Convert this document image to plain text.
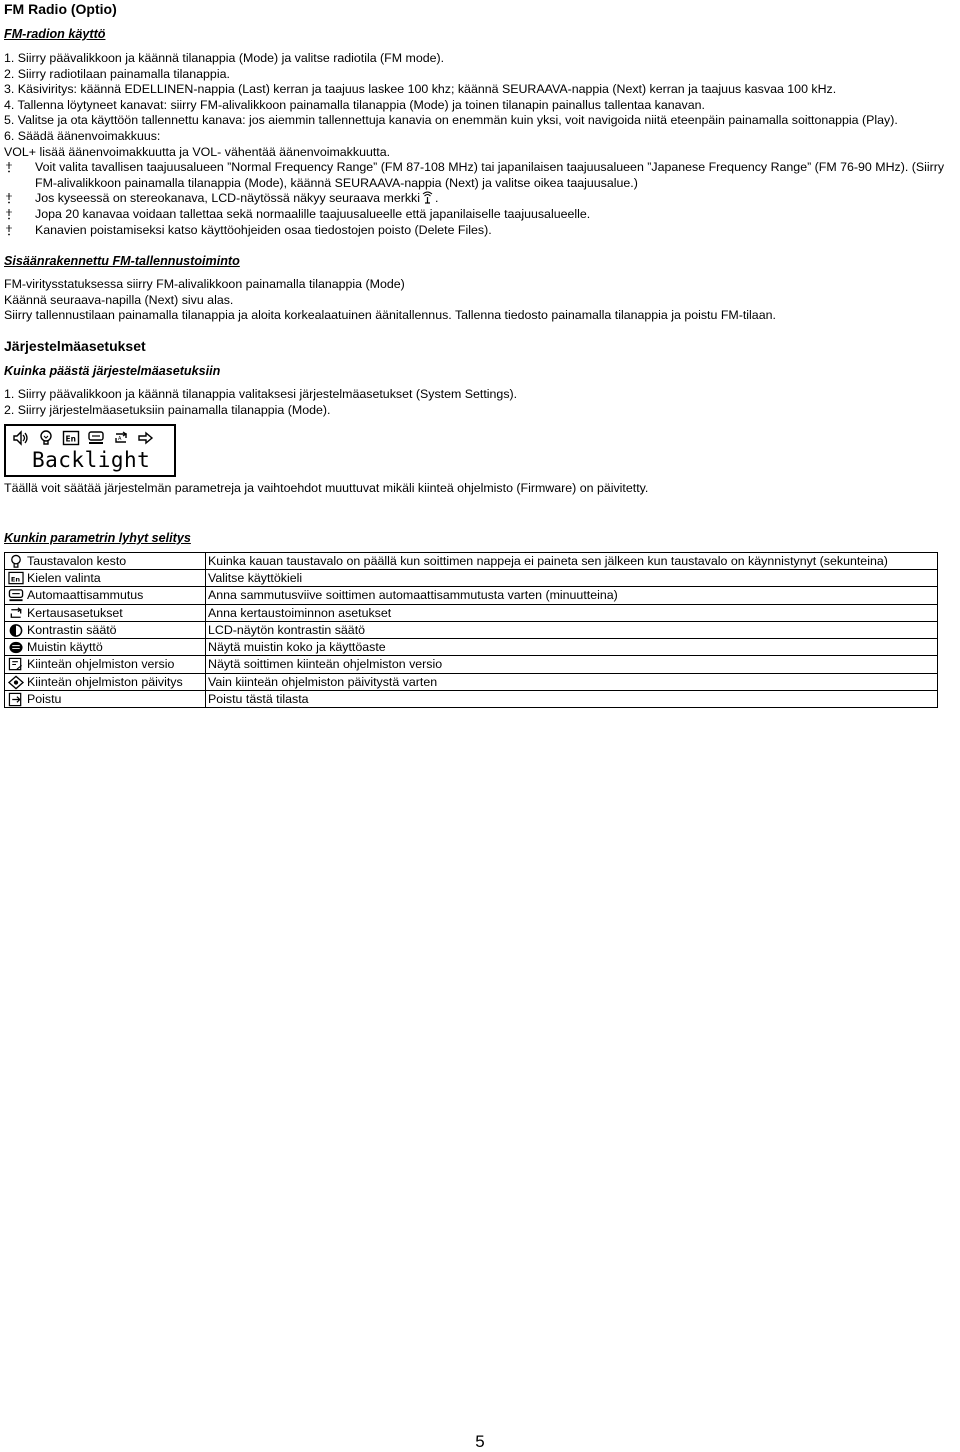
FM Radio (Optio)

FM-radion käyttö

1. Siirry päävalikkoon ja käännä tilanappia (Mode) ja valitse radiotila (FM mode).

2. Siirry radiotilaan painamalla tilanappia.

3. Käsiviritys: käännä EDELLINEN-nappia (Last) kerran ja taajuus laskee 100 khz; käännä SEURAAVA-nappia (Next) kerran ja taajuus kasvaa 100 kHz.

4. Tallenna löytyneet kanavat: siirry FM-alivalikkoon painamalla tilanappia (Mode) ja toinen tilanapin painallus tallentaa kanavan.

5. Valitse ja ota käyttöön tallennettu kanava: jos aiemmin tallennettuja kanavia on enemmän kuin yksi, voit navigoida niitä eteenpäin painamalla soittonappia (Play).

6. Säädä äänenvoimakkuus:

VOL+ lisää äänenvoimakkuutta ja VOL- vähentää äänenvoimakkuutta.

Voit valita tavallisen taajuusalueen ”Normal Frequency Range” (FM 87-108 MHz) tai japanilaisen taajuusalueen ”Japanese Frequency Range” (FM 76-90 MHz). (Siirry FM-alivalikkoon painamalla tilanappia (Mode), käännä SEURAAVA-nappia (Next) ja valitse oikea taajuusalue.)
Jos kyseessä on stereokanava, LCD-näytössä näkyy seuraava merkki .
Jopa 20 kanavaa voidaan tallettaa sekä normaalille taajuusalueelle että japanilaiselle taajuusalueelle.
Kanavien poistamiseksi katso käyttöohjeiden osaa tiedostojen poisto (Delete Files).
Sisäänrakennettu FM-tallennustoiminto

FM-viritysstatuksessa siirry FM-alivalikkoon painamalla tilanappia (Mode)

Käännä seuraava-napilla (Next) sivu alas.

Siirry tallennustilaan painamalla tilanappia ja aloita korkealaatuinen äänitallennus. Tallenna tiedosto painamalla tilanappia ja poistu FM-tilaan.

Järjestelmäasetukset

Kuinka päästä järjestelmäasetuksiin

1. Siirry päävalikkoon ja käännä tilanappia valitaksesi järjestelmäasetukset (System Settings).

2. Siirry järjestelmäasetuksiin painamalla tilanappia (Mode).

En	A
Backlight

Täällä voit säätää järjestelmän parametreja ja vaihtoehdot muuttuvat mikäli kiinteä ohjelmisto (Firmware) on päivitetty.

Kunkin parametrin lyhyt selitys
Taustavalon kesto	Kuinka kauan taustavalo on päällä kun soittimen nappeja ei paineta sen jälkeen kun taustavalo on käynnistynyt (sekunteina)

En Kielen valinta	Valitse käyttökieli

Automaattisammutus	Anna sammutusviive soittimen automaattisammutusta varten (minuutteina)

Kertausasetukset	Anna kertaustoiminnon asetukset

Kontrastin säätö	LCD-näytön kontrastin säätö

Muistin käyttö	Näytä muistin koko ja käyttöaste

Kiinteän ohjelmiston versio	Näytä soittimen kiinteän ohjelmiston versio

Kiinteän ohjelmiston päivitys	Vain kiinteän ohjelmiston päivitystä varten

Poistu	Poistu tästä tilasta
5
